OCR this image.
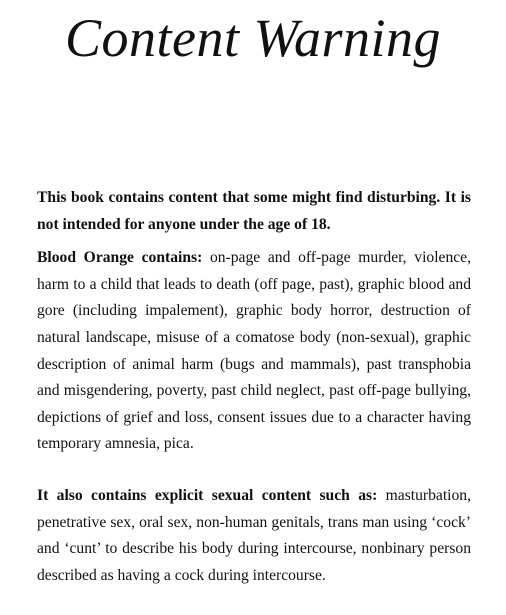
Content Warning

This book contains content that some might find disturbing. It is not intended for anyone under the age of 18.

Blood Orange contains: on-page and off-page murder, violence, harm to a child that leads to death (off page, past), graphic blood and gore (including impalement), graphic body horror, destruction of natural landscape, misuse of a comatose body (non-sexual), graphic description of animal harm (bugs and mammals), past transphobia and misgendering, poverty, past child neglect, past off-page bullying, depictions of grief and loss, consent issues due to a character having temporary amnesia, pica.

It also contains explicit sexual content such as: masturbation, penetrative sex, oral sex, non-human genitals, trans man using ‘cock’ and ‘cunt’ to describe his body during intercourse, nonbinary person described as having a cock during intercourse.
